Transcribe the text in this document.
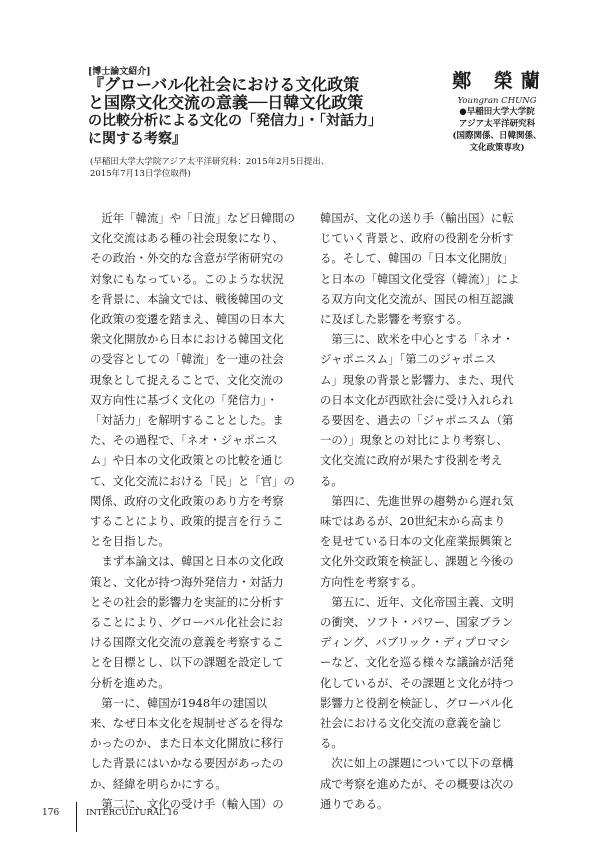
[博士論文紹介]
『グローバル化社会における文化政策
と国際文化交流の意義──日韓文化政策
の比較分析による文化の「発信力」・「対話力」
に関する考察』
(早稲田大学大学院アジア太平洋研究科：2015年2月5日提出、
2015年7月13日学位取得)
鄭 榮蘭
Youngran CHUNG
●早稲田大学大学院
アジア太平洋研究科
(国際関係、日韓関係、
文化政策専攻)
　近年「韓流」や「日流」など日韓間の
文化交流はある種の社会現象になり、
その政治・外交的な含意が学術研究の
対象にもなっている。このような状況
を背景に、本論文では、戦後韓国の文
化政策の変遷を踏まえ、韓国の日本大
衆文化開放から日本における韓国文化
の受容としての「韓流」を一連の社会
現象として捉えることで、文化交流の
双方向性に基づく文化の「発信力」・
「対話力」を解明することとした。ま
た、その過程で、「ネオ・ジャポニス
ム」や日本の文化政策との比較を通じ
て、文化交流における「民」と「官」の
関係、政府の文化政策のあり方を考察
することにより、政策的提言を行うこ
とを目指した。
　まず本論文は、韓国と日本の文化政
策と、文化が持つ海外発信力・対話力
とその社会的影響力を実証的に分析す
ることにより、グローバル化社会にお
ける国際文化交流の意義を考察するこ
とを目標とし、以下の課題を設定して
分析を進めた。
　第一に、韓国が1948年の建国以
来、なぜ日本文化を規制せざるを得な
かったのか、また日本文化開放に移行
した背景にはいかなる要因があったの
か、経緯を明らかにする。
　第二に、文化の受け手（輸入国）の
韓国が、文化の送り手（輸出国）に転
じていく背景と、政府の役割を分析す
る。そして、韓国の「日本文化開放」
と日本の「韓国文化受容（韓流）」によ
る双方向文化交流が、国民の相互認識
に及ぼした影響を考察する。
　第三に、欧米を中心とする「ネオ・
ジャポニスム」「第二のジャポニス
ム」現象の背景と影響力、また、現代
の日本文化が西欧社会に受け入れられ
る要因を、過去の「ジャポニスム（第
一の）」現象との対比により考察し、
文化交流に政府が果たす役割を考え
る。
　第四に、先進世界の趨勢から遅れ気
味ではあるが、20世紀末から高まり
を見せている日本の文化産業振興策と
文化外交政策を検証し、課題と今後の
方向性を考察する。
　第五に、近年、文化帝国主義、文明
の衝突、ソフト・パワー、国家ブラン
ディング、パブリック・ディプロマシ
ーなど、文化を巡る様々な議論が活発
化しているが、その課題と文化が持つ
影響力と役割を検証し、グローバル化
社会における文化交流の意義を論じ
る。
　次に如上の課題について以下の章構
成で考察を進めたが、その概要は次の
通りである。
176	INTERCULTURAL 16
